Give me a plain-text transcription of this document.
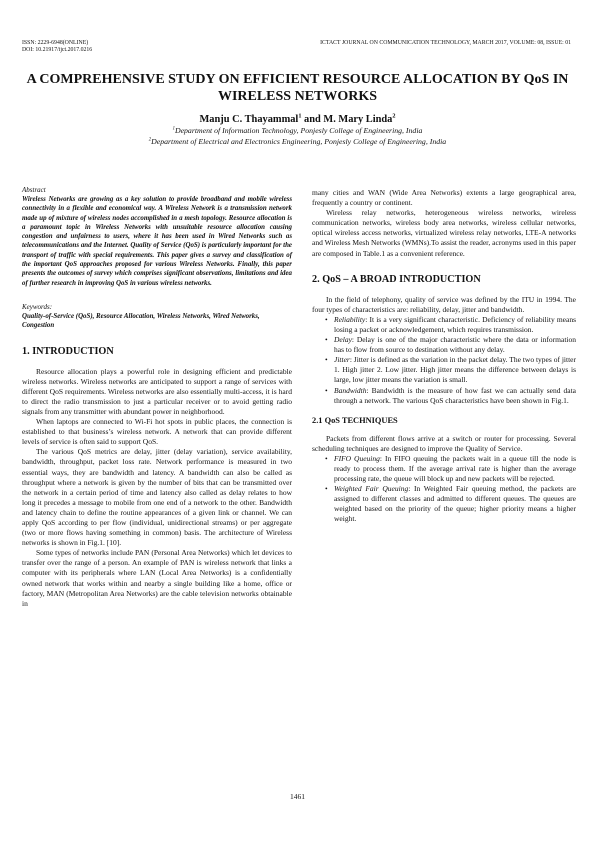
ISSN: 2229-6948(ONLINE)
DOI: 10.21917/ijct.2017.0216
ICTACT JOURNAL ON COMMUNICATION TECHNOLOGY, MARCH 2017, VOLUME: 08, ISSUE: 01
A COMPREHENSIVE STUDY ON EFFICIENT RESOURCE ALLOCATION BY QoS IN WIRELESS NETWORKS
Manju C. Thayammal$^1$ and M. Mary Linda$^2$
$^1$Department of Information Technology, Ponjesly College of Engineering, India
$^2$Department of Electrical and Electronics Engineering, Ponjesly College of Engineering, India
Abstract

Wireless Networks are growing as a key solution to provide broadband and mobile wireless connectivity in a flexible and economical way. A Wireless Network is a transmission network made up of mixture of wireless nodes accomplished in a mesh topology. Resource allocation is a paramount topic in Wireless Networks with unsuitable resource allocation causing congestion and unfairness to users, where it has been used in Wired Networks such as telecommunications and the Internet. Quality of Service (QoS) is particularly important for the transport of traffic with special requirements. This paper gives a survey and classification of the important QoS approaches proposed for various Wireless Networks. Finally, this paper presents the outcomes of survey which comprises significant observations, limitations and idea of further research in improving QoS in various wireless networks.

Keywords:

Quality-of-Service (QoS), Resource Allocation, Wireless Networks, Wired Networks, Congestion

1. INTRODUCTION

Resource allocation plays a powerful role in designing efficient and predictable wireless networks. Wireless networks are anticipated to support a range of services with different QoS requirements. Wireless networks are also essentially multi-access, it is hard to direct the radio transmission to just a particular receiver or to avoid getting radio signals from any transmitter with abundant power in neighborhood.

When laptops are connected to Wi-Fi hot spots in public places, the connection is established to that business’s wireless network. A network that can provide different levels of service is often said to support QoS.

The various QoS metrics are delay, jitter (delay variation), service availability, bandwidth, throughput, packet loss rate. Network performance is measured in two essential ways, they are bandwidth and latency. A bandwidth can also be called as throughput where a network is given by the number of bits that can be transmitted over the network in a certain period of time and latency also called as delay relates to how long it precedes a message to mobile from one end of a network to the other. Bandwidth and latency chain to define the routine appearances of a given link or channel. We can apply QoS according to per flow (individual, unidirectional streams) or per aggregate (two or more flows having something in common) basis. The architecture of Wireless networks is shown in Fig.1. [10].

Some types of networks include PAN (Personal Area Networks) which let devices to transfer over the range of a person. An example of PAN is wireless network that links a computer with its peripherals where LAN (Local Area Networks) is a confidentially owned network that works within and nearby a single building like a home, office or factory, MAN (Metropolitan Area Networks) are the cable television networks obtainable in

many cities and WAN (Wide Area Networks) extents a large geographical area, frequently a country or continent.

Wireless relay networks, heterogeneous wireless networks, wireless communication networks, wireless body area networks, wireless cellular networks, optical wireless access networks, virtualized wireless relay networks, LTE-A networks and Wireless Mesh Networks (WMNs).To assist the reader, acronyms used in this paper are composed in Table.1 as a convenient reference.

2. QoS – A BROAD INTRODUCTION

In the field of telephony, quality of service was defined by the ITU in 1994. The four types of characteristics are: reliability, delay, jitter and bandwidth.

• Reliability: It is a very significant characteristic. Deficiency of reliability means losing a packet or acknowledgement, which requires transmission.
• Delay: Delay is one of the major characteristic where the data or information has to flow from source to destination without any delay.
• Jitter: Jitter is defined as the variation in the packet delay. The two types of jitter 1. High jitter 2. Low jitter. High jitter means the difference between delays is large, low jitter means the variation is small.
• Bandwidth: Bandwidth is the measure of how fast we can actually send data through a network. The various QoS characteristics have been shown in Fig.1.
2.1 QoS TECHNIQUES

Packets from different flows arrive at a switch or router for processing. Several scheduling techniques are designed to improve the Quality of Service.

• FIFO Queuing: In FIFO queuing the packets wait in a queue till the node is ready to process them. If the average arrival rate is higher than the average processing rate, the queue will block up and new packets will be rejected.
• Weighted Fair Queuing: In Weighted Fair queuing method, the packets are assigned to different classes and admitted to different queues. The queues are weighted based on the priority of the queue; higher priority means a higher weight.
1461
